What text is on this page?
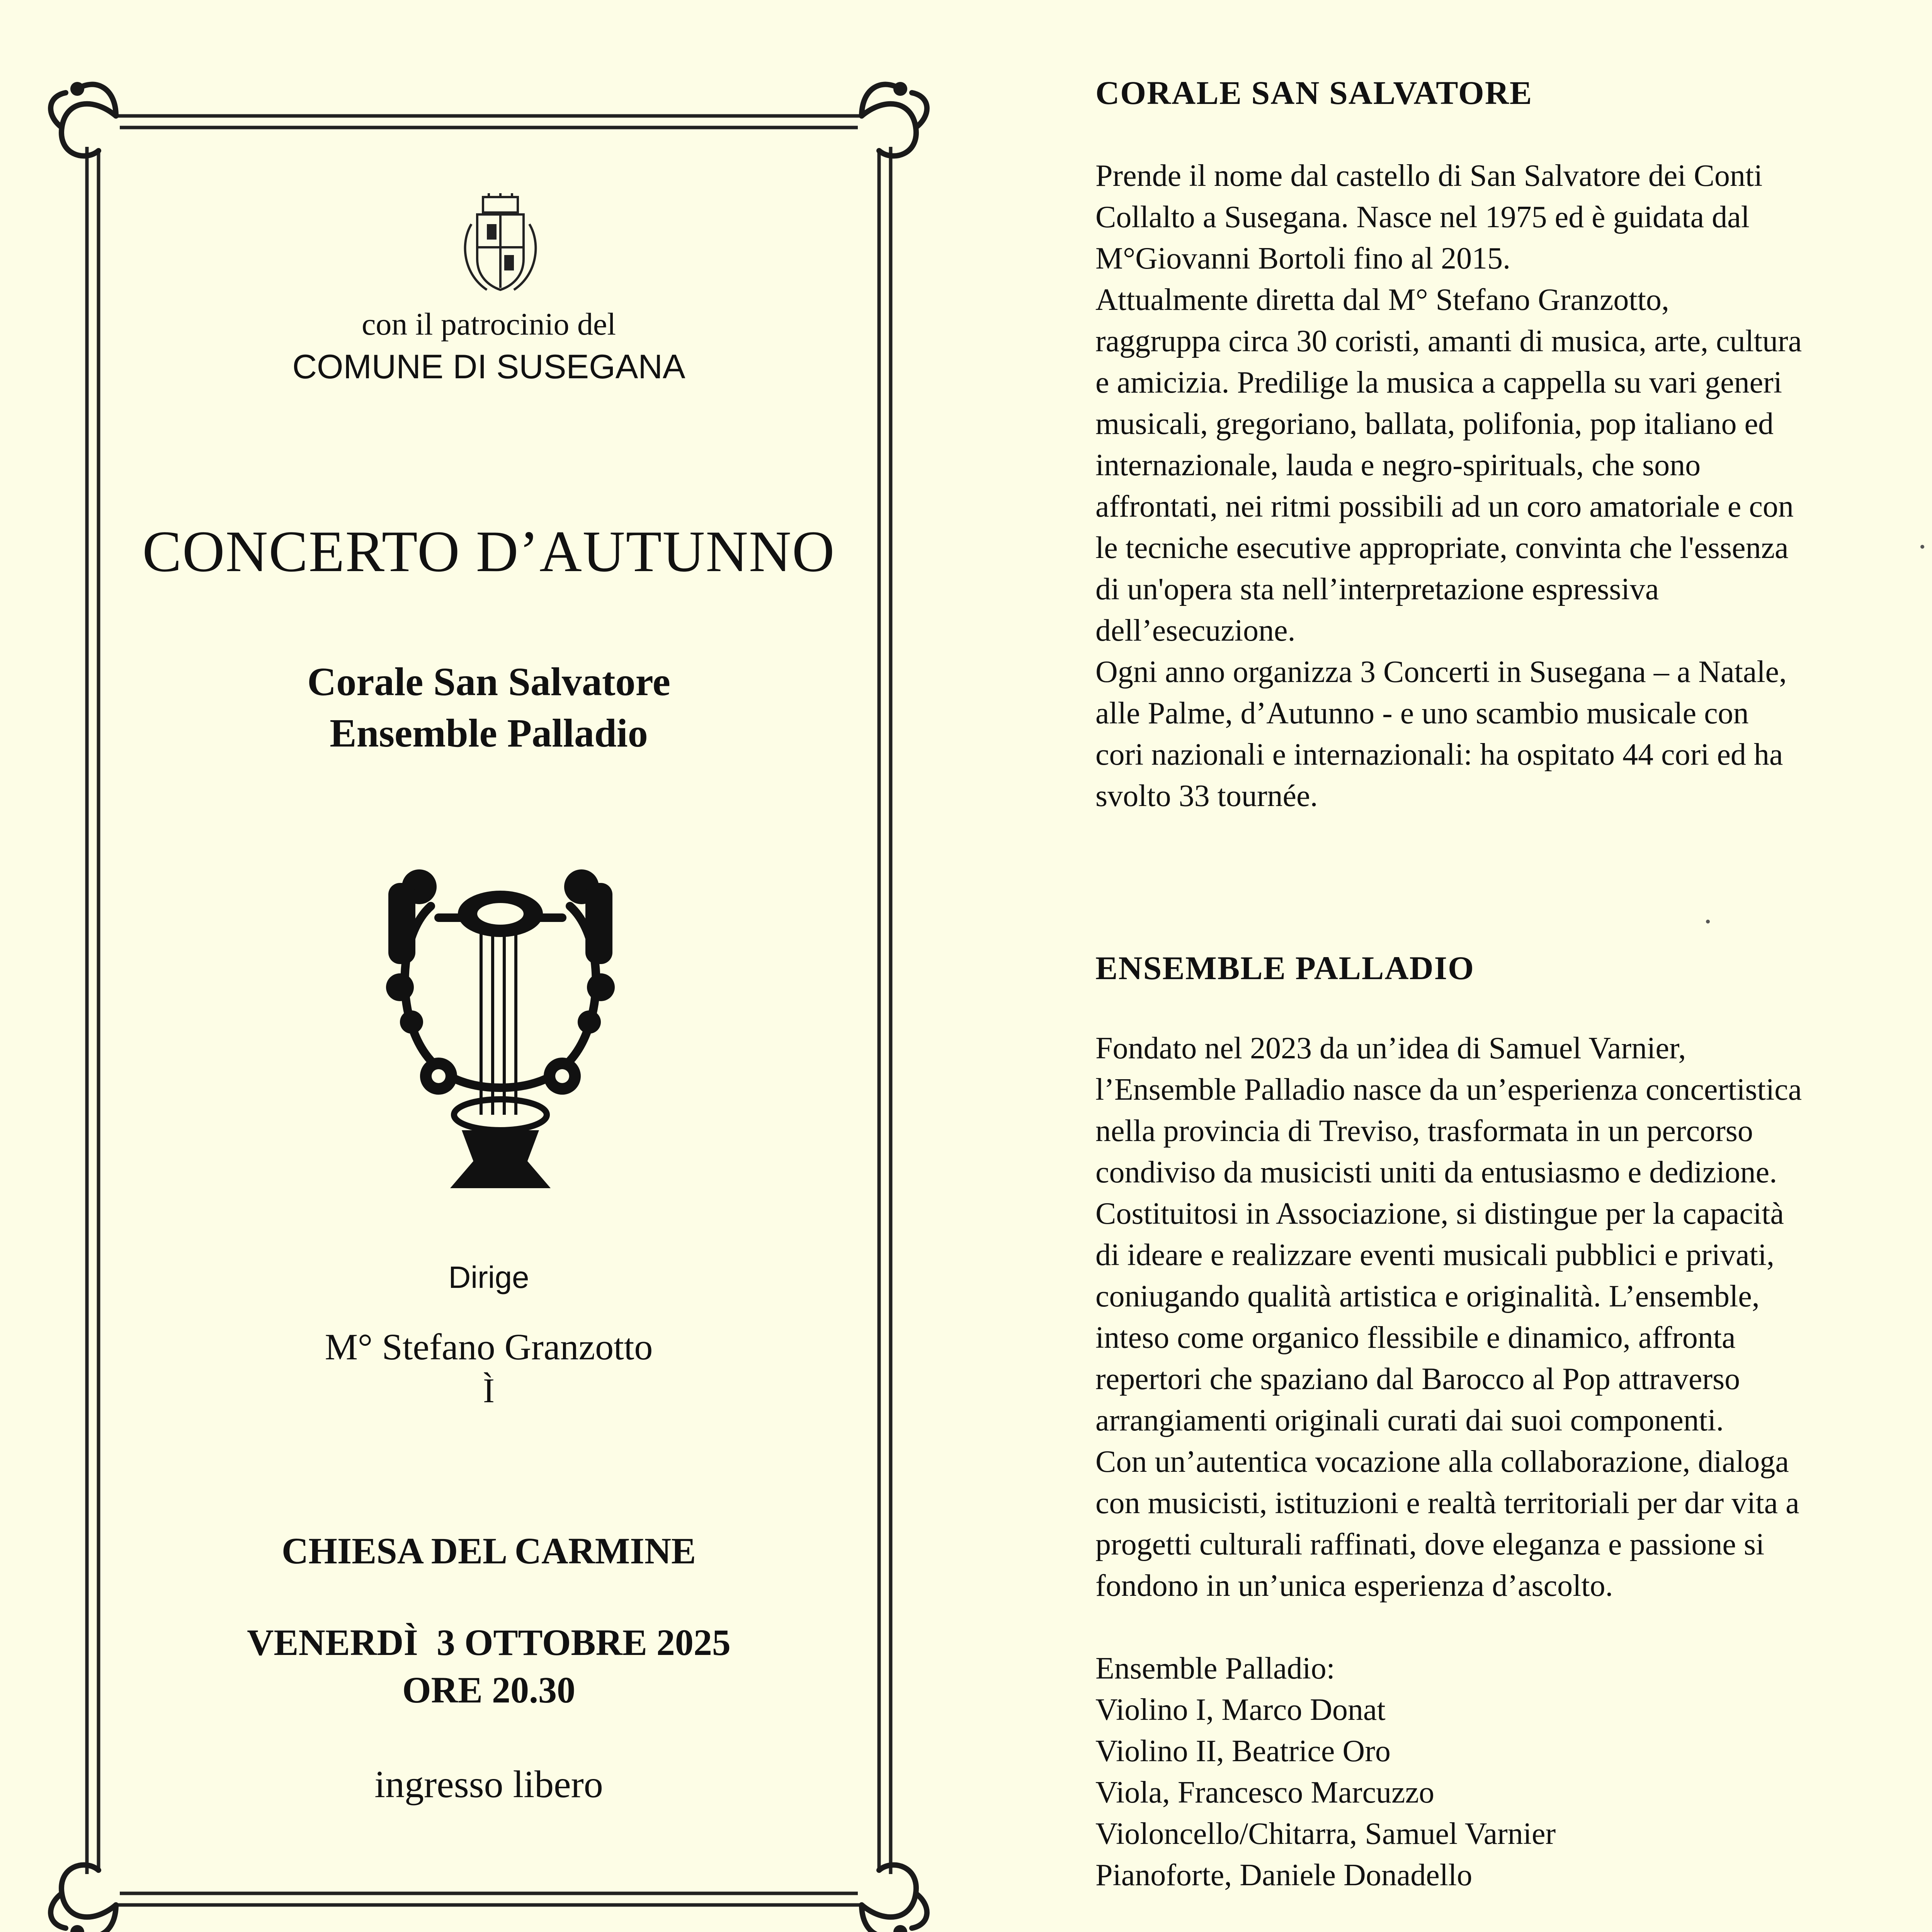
con il patrocinio del
COMUNE DI SUSEGANA
CONCERTO D’AUTUNNO
Corale San Salvatore
Ensemble Palladio
Dirige
M° Stefano Granzotto
Ì
CHIESA DEL CARMINE
VENERDÌ  3 OTTOBRE 2025
ORE 20.30
ingresso libero
CORALE SAN SALVATORE
Prende il nome dal castello di San Salvatore dei Conti
Collalto a Susegana. Nasce nel 1975 ed è guidata dal
M°Giovanni Bortoli fino al 2015.
Attualmente diretta dal M° Stefano Granzotto,
raggruppa circa 30 coristi, amanti di musica, arte, cultura
e amicizia. Predilige la musica a cappella su vari generi
musicali, gregoriano, ballata, polifonia, pop italiano ed
internazionale, lauda e negro-spirituals, che sono
affrontati, nei ritmi possibili ad un coro amatoriale e con
le tecniche esecutive appropriate, convinta che l'essenza
di un'opera sta nell’interpretazione espressiva
dell’esecuzione.
Ogni anno organizza 3 Concerti in Susegana – a Natale,
alle Palme, d’Autunno - e uno scambio musicale con
cori nazionali e internazionali: ha ospitato 44 cori ed ha
svolto 33 tournée.
ENSEMBLE PALLADIO
Fondato nel 2023 da un’idea di Samuel Varnier,
l’Ensemble Palladio nasce da un’esperienza concertistica
nella provincia di Treviso, trasformata in un percorso
condiviso da musicisti uniti da entusiasmo e dedizione.
Costituitosi in Associazione, si distingue per la capacità
di ideare e realizzare eventi musicali pubblici e privati,
coniugando qualità artistica e originalità. L’ensemble,
inteso come organico flessibile e dinamico, affronta
repertori che spaziano dal Barocco al Pop attraverso
arrangiamenti originali curati dai suoi componenti.
Con un’autentica vocazione alla collaborazione, dialoga
con musicisti, istituzioni e realtà territoriali per dar vita a
progetti culturali raffinati, dove eleganza e passione si
fondono in un’unica esperienza d’ascolto.
Ensemble Palladio:
Violino I, Marco Donat
Violino II, Beatrice Oro
Viola, Francesco Marcuzzo
Violoncello/Chitarra, Samuel Varnier
Pianoforte, Daniele Donadello
